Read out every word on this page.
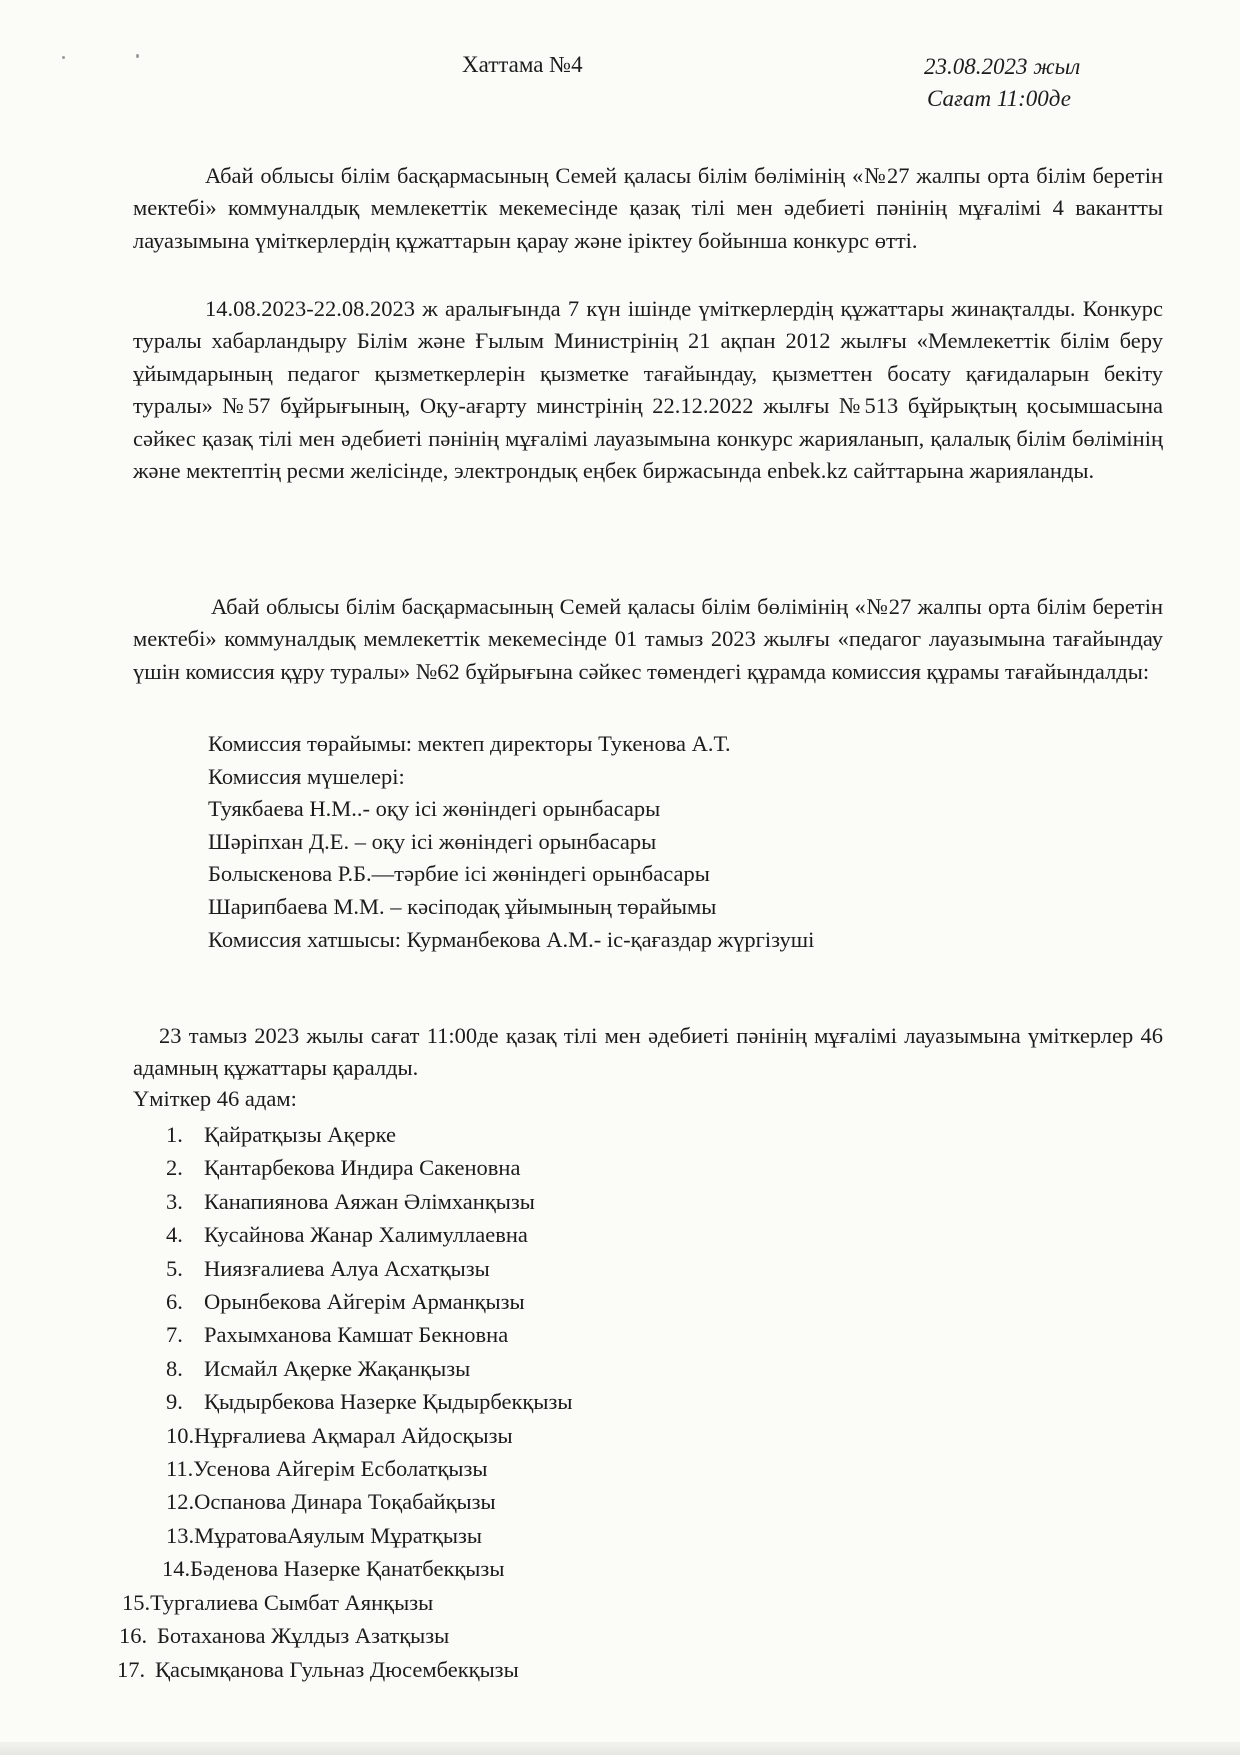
Хаттама №4	23.08.2023 жыл
Сағат 11:00де

Абай облысы білім басқармасының Семей қаласы білім бөлімінің «№27 жалпы орта білім беретін мектебі» коммуналдық мемлекеттік мекемесінде қазақ тілі мен әдебиеті пәнінің мұғалімі 4 вакантты лауазымына үміткерлердің құжаттарын қарау және іріктеу бойынша конкурс өтті.

14.08.2023-22.08.2023 ж аралығында 7 күн ішінде үміткерлердің құжаттары жинақталды. Конкурс туралы хабарландыру Білім және Ғылым Министрінің 21 ақпан 2012 жылғы «Мемлекеттік білім беру ұйымдарының педагог қызметкерлерін қызметке тағайындау, қызметтен босату қағидаларын бекіту туралы» №57 бұйрығының, Оқу-ағарту минстрінің 22.12.2022 жылғы №513 бұйрықтың қосымшасына сәйкес қазақ тілі мен әдебиеті пәнінің мұғалімі лауазымына конкурс жарияланып, қалалық білім бөлімінің және мектептің ресми желісінде, электрондық еңбек биржасында enbek.kz сайттарына жарияланды.

Абай облысы білім басқармасының Семей қаласы білім бөлімінің «№27 жалпы орта білім беретін мектебі» коммуналдық мемлекеттік мекемесінде 01 тамыз 2023 жылғы «педагог лауазымына тағайындау үшін комиссия құру туралы» №62 бұйрығына сәйкес төмендегі құрамда комиссия құрамы тағайындалды:

Комиссия төрайымы: мектеп директоры Тукенова А.Т.
Комиссия мүшелері:
Туякбаева Н.М..- оқу ісі жөніндегі орынбасары
Шәріпхан Д.Е. – оқу ісі жөніндегі орынбасары
Болыскенова Р.Б.—тәрбие ісі жөніндегі орынбасары
Шарипбаева М.М. – кәсіподақ ұйымының төрайымы
Комиссия хатшысы: Курманбекова А.М.- іс-қағаздар жүргізуші

23 тамыз 2023 жылы сағат 11:00де қазақ тілі мен әдебиеті пәнінің мұғалімі лауазымына үміткерлер 46 адамның құжаттары қаралды.

Үміткер 46 адам:
1. Қайратқызы Ақерке
2. Қантарбекова Индира Сакеновна
3. Канапиянова Аяжан Әлімханқызы
4. Кусайнова Жанар Халимуллаевна
5. Ниязғалиева Алуа Асхатқызы
6. Орынбекова Айгерім Арманқызы
7. Рахымханова Камшат Бекновна
8. Исмайл Ақерке Жақанқызы
9. Қыдырбекова Назерке Қыдырбекқызы
10.Нұрғалиева Ақмарал Айдосқызы
11.Усенова Айгерім Есболатқызы
12.Оспанова Динара Тоқабайқызы
13.МұратоваАяулым Мұратқызы
14.Бәденова Назерке Қанатбекқызы
15.Тургалиева Сымбат Аянқызы
16. Ботаханова Жұлдыз Азатқызы
17. Қасымқанова Гульназ Дюсембекқызы
